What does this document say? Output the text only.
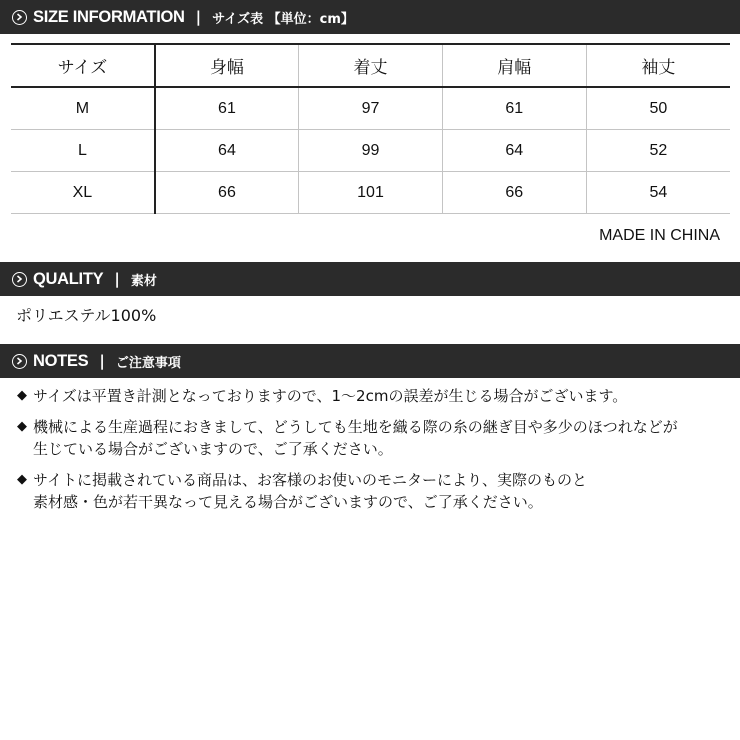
SIZE INFORMATION | サイズ表 【単位：cm】
サイズ	身幅	着丈	肩幅	袖丈
M	61	97	61	50
L	64	99	64	52
XL	66	101	66	54
MADE IN CHINA
QUALITY | 素材
ポリエステル100%
NOTES | ご注意事項
◆ サイズは平置き計測となっておりますので、1～2cmの誤差が生じる場合がございます。
◆ 機械による生産過程におきまして、どうしても生地を織る際の糸の継ぎ目や多少のほつれなどが
生じている場合がございますので、ご了承ください。
◆ サイトに掲載されている商品は、お客様のお使いのモニターにより、実際のものと
素材感・色が若干異なって見える場合がございますので、ご了承ください。
